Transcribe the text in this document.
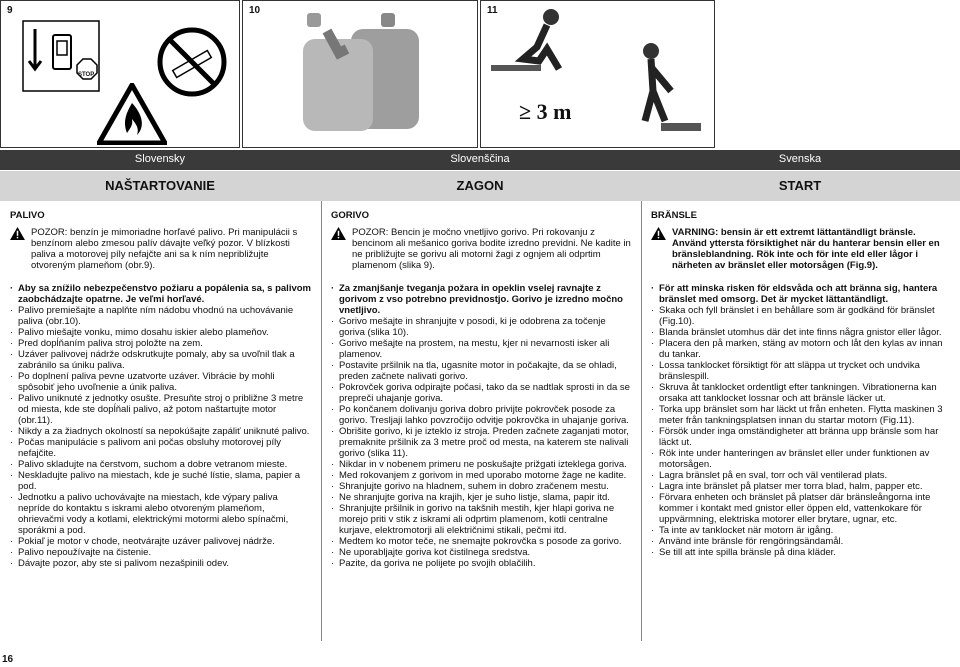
9
STOP
10	11
≥ 3 m
Slovensky	Slovenščina	Svenska
NAŠTARTOVANIE	ZAGON	START
PALIVO
POZOR: benzín je mimoriadne horľavé palivo. Pri manipulácii s benzínom alebo zmesou palív dávajte veľký pozor. V blízkosti paliva a motorovej píly nefajčte ani sa k ním nepribližujte otvoreným plameňom (obr.9).
· Aby sa znížilo nebezpečenstvo požiaru a popálenia sa, s palivom zaobchádzajte opatrne. Je veľmi horľavé.
· Palivo premiešajte a naplňte ním nádobu vhodnú na uchovávanie paliva (obr.10).
· Palivo miešajte vonku, mimo dosahu iskier alebo plameňov.
· Pred dopĺňaním paliva stroj položte na zem.
· Uzáver palivovej nádrže odskrutkujte pomaly, aby sa uvoľnil tlak a zabránilo sa úniku paliva.
· Po doplnení paliva pevne uzatvorte uzáver. Vibrácie by mohli spôsobiť jeho uvoľnenie a únik paliva.
· Palivo uniknuté z jednotky osušte. Presuňte stroj o približne 3 metre od miesta, kde ste dopĺňali palivo, až potom naštartujte motor (obr.11).
· Nikdy a za žiadnych okolností sa nepokúšajte zapáliť uniknuté palivo.
· Počas manipulácie s palivom ani počas obsluhy motorovej píly nefajčite.
· Palivo skladujte na čerstvom, suchom a dobre vetranom mieste.
· Neskladujte palivo na miestach, kde je suché lístie, slama, papier a pod.
· Jednotku a palivo uchovávajte na miestach, kde výpary paliva nepríde do kontaktu s iskrami alebo otvoreným plameňom, ohrievačmi vody a kotlami, elektrickými motormi alebo spínačmi, sporákmi a pod.
· Pokiaľ je motor v chode, neotvárajte uzáver palivovej nádrže.
· Palivo nepoužívajte na čistenie.
· Dávajte pozor, aby ste si palivom nezašpinili odev.
GORIVO
POZOR: Bencin je močno vnetljivo gorivo. Pri rokovanju z bencinom ali mešanico goriva bodite izredno previdni. Ne kadite in ne približujte se gorivu ali motorni žagi z ognjem ali odprtim plamenom (slika 9).
· Za zmanjšanje tveganja požara in opeklin vselej ravnajte z gorivom z vso potrebno previdnostjo. Gorivo je izredno močno vnetljivo.
· Gorivo mešajte in shranjujte v posodi, ki je odobrena za točenje goriva (slika 10).
· Gorivo mešajte na prostem, na mestu, kjer ni nevarnosti isker ali plamenov.
· Postavite pršilnik na tla, ugasnite motor in počakajte, da se ohladi, preden začnete nalivati gorivo.
· Pokrovček goriva odpirajte počasi, tako da se nadtlak sprosti in da se prepreči uhajanje goriva.
· Po končanem dolivanju goriva dobro privijte pokrovček posode za gorivo. Tresljaji lahko povzročijo odvitje pokrovčka in uhajanje goriva.
· Obrišite gorivo, ki je izteklo iz stroja. Preden začnete zaganjati motor, premaknite pršilnik za 3 metre proč od mesta, na katerem ste nalivali gorivo (slika 11).
· Nikdar in v nobenem primeru ne poskušajte prižgati izteklega goriva.
· Med rokovanjem z gorivom in med uporabo motorne žage ne kadite.
· Shranjujte gorivo na hladnem, suhem in dobro zračenem mestu.
· Ne shranjujte goriva na krajih, kjer je suho listje, slama, papir itd.
· Shranjujte pršilnik in gorivo na takšnih mestih, kjer hlapi goriva ne morejo priti v stik z iskrami ali odprtim plamenom, kotli centralne kurjave, elektromotorji ali električnimi stikali, pečmi itd.
· Medtem ko motor teče, ne snemajte pokrovčka s posode za gorivo.
· Ne uporabljajte goriva kot čistilnega sredstva.
· Pazite, da goriva ne polijete po svojih oblačilih.
BRÄNSLE
VARNING: bensin är ett extremt lättantändligt bränsle. Använd yttersta försiktighet när du hanterar bensin eller en bränsleblandning. Rök inte och för inte eld eller lågor i närheten av bränslet eller motorsågen (Fig.9).
· För att minska risken för eldsvåda och att bränna sig, hantera bränslet med omsorg. Det är mycket lättantändligt.
· Skaka och fyll bränslet i en behållare som är godkänd för bränslet (Fig.10).
· Blanda bränslet utomhus där det inte finns några gnistor eller lågor.
· Placera den på marken, stäng av motorn och låt den kylas av innan du tankar.
· Lossa tanklocket försiktigt för att släppa ut trycket och undvika bränslespill.
· Skruva åt tanklocket ordentligt efter tankningen. Vibrationerna kan orsaka att tanklocket lossnar och att bränsle läcker ut.
· Torka upp bränslet som har läckt ut från enheten. Flytta maskinen 3 meter från tankningsplatsen innan du startar motorn (Fig.11).
· Försök under inga omständigheter att bränna upp bränsle som har läckt ut.
· Rök inte under hanteringen av bränslet eller under funktionen av motorsågen.
· Lagra bränslet på en sval, torr och väl ventilerad plats.
· Lagra inte bränslet på platser mer torra blad, halm, papper etc.
· Förvara enheten och bränslet på platser där bränsleångorna inte kommer i kontakt med gnistor eller öppen eld, vattenkokare för uppvärmning, elektriska motorer eller brytare, ugnar, etc.
· Ta inte av tanklocket när motorn är igång.
· Använd inte bränsle för rengöringsändamål.
· Se till att inte spilla bränsle på dina kläder.
16
